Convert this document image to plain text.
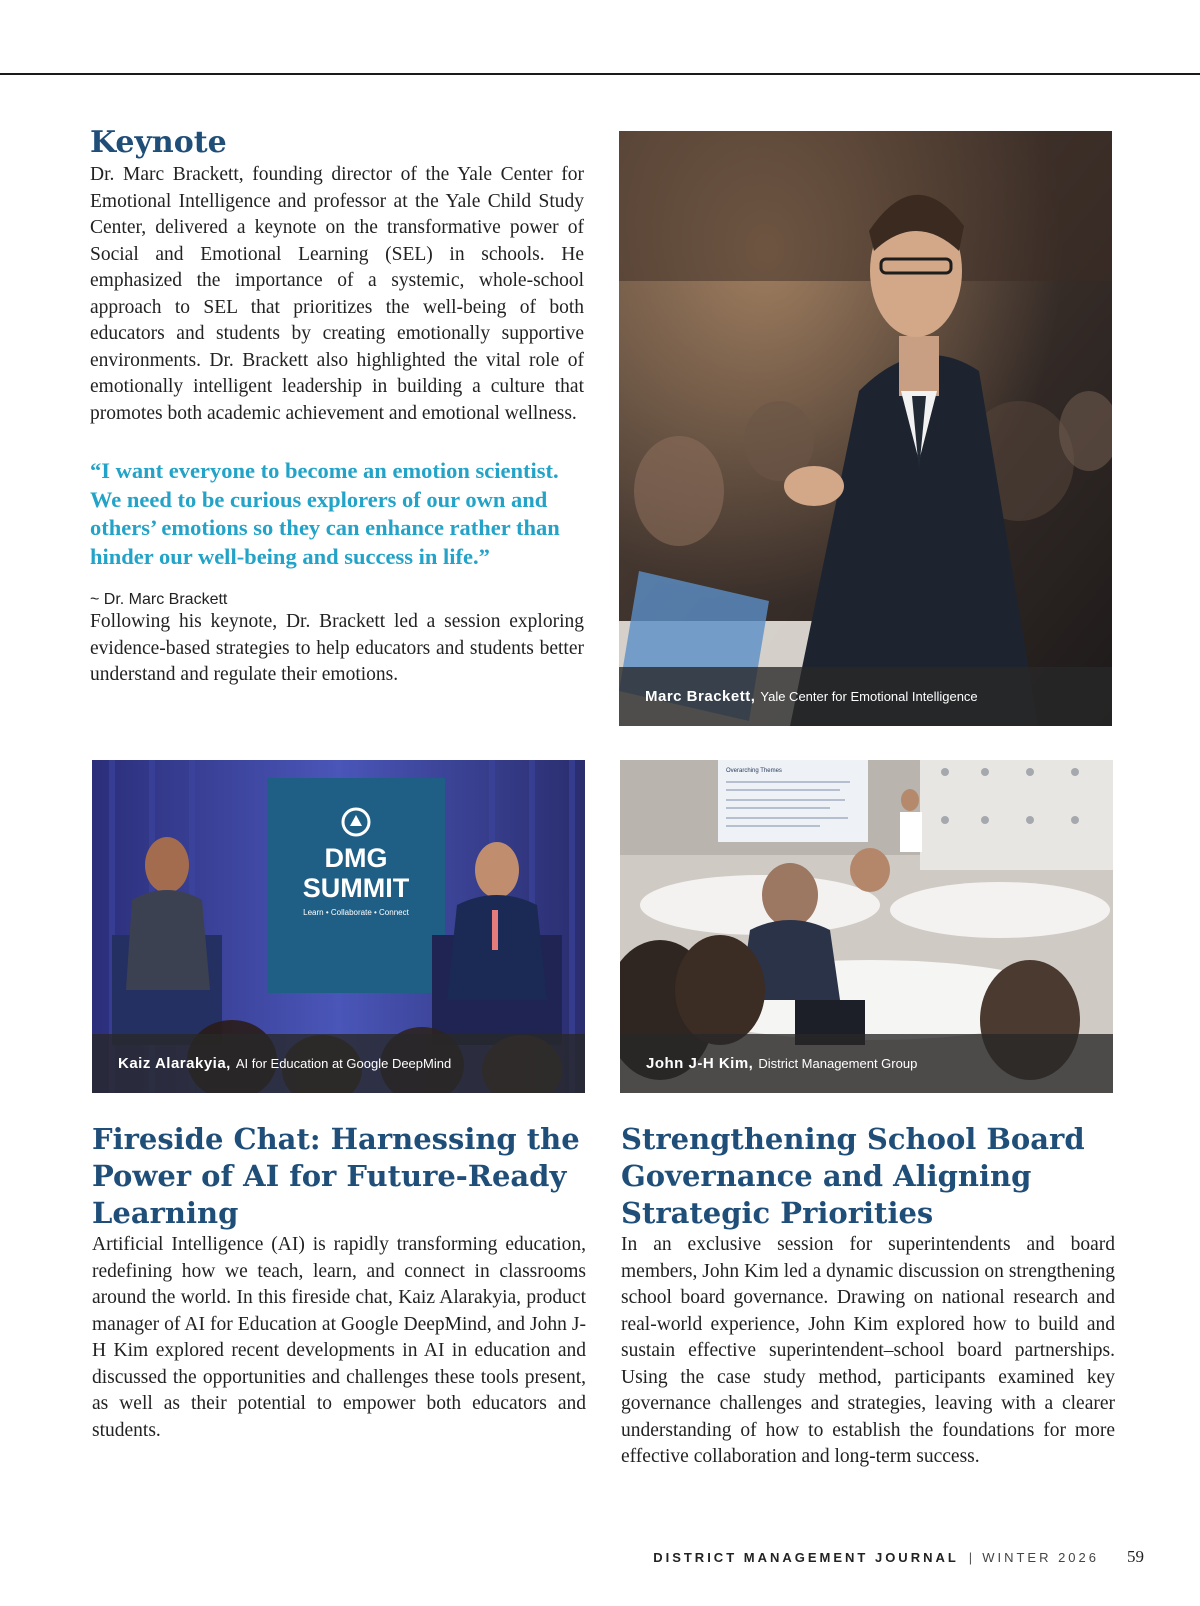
Keynote

Dr. Marc Brackett, founding director of the Yale Center for Emotional Intelligence and professor at the Yale Child Study Center, delivered a keynote on the transformative power of Social and Emotional Learning (SEL) in schools. He emphasized the importance of a systemic, whole-school approach to SEL that prioritizes the well-being of both educators and students by creating emotionally supportive environments. Dr. Brackett also highlighted the vital role of emotionally intelligent leadership in building a culture that promotes both academic achievement and emotional wellness.

“I want everyone to become an emotion scientist. We need to be curious explorers of our own and others’ emotions so they can enhance rather than hinder our well-being and success in life.”

~ Dr. Marc Brackett

Following his keynote, Dr. Brackett led a session exploring evidence-based strategies to help educators and students better understand and regulate their emotions.

Marc Brackett, Yale Center for Emotional Intelligence
DMG
SUMMIT
Learn • Collaborate • Connect
Kaiz Alarakyia, AI for Education at Google DeepMind
Overarching Themes
John J-H Kim, District Management Group
Fireside Chat: Harnessing the Power of AI for Future-Ready Learning

Artificial Intelligence (AI) is rapidly transforming education, redefining how we teach, learn, and connect in classrooms around the world. In this fireside chat, Kaiz Alarakyia, product manager of AI for Education at Google DeepMind, and John J-H Kim explored recent developments in AI in education and discussed the opportunities and challenges these tools present, as well as their potential to empower both educators and students.

Strengthening School Board Governance and Aligning Strategic Priorities

In an exclusive session for superintendents and board members, John Kim led a dynamic discussion on strengthening school board governance. Drawing on national research and real-world experience, John Kim explored how to build and sustain effective superintendent–school board partnerships. Using the case study method, participants examined key governance challenges and strategies, leaving with a clearer understanding of how to establish the foundations for more effective collaboration and long-term success.

DISTRICT MANAGEMENT JOURNAL | WINTER 2026 59
